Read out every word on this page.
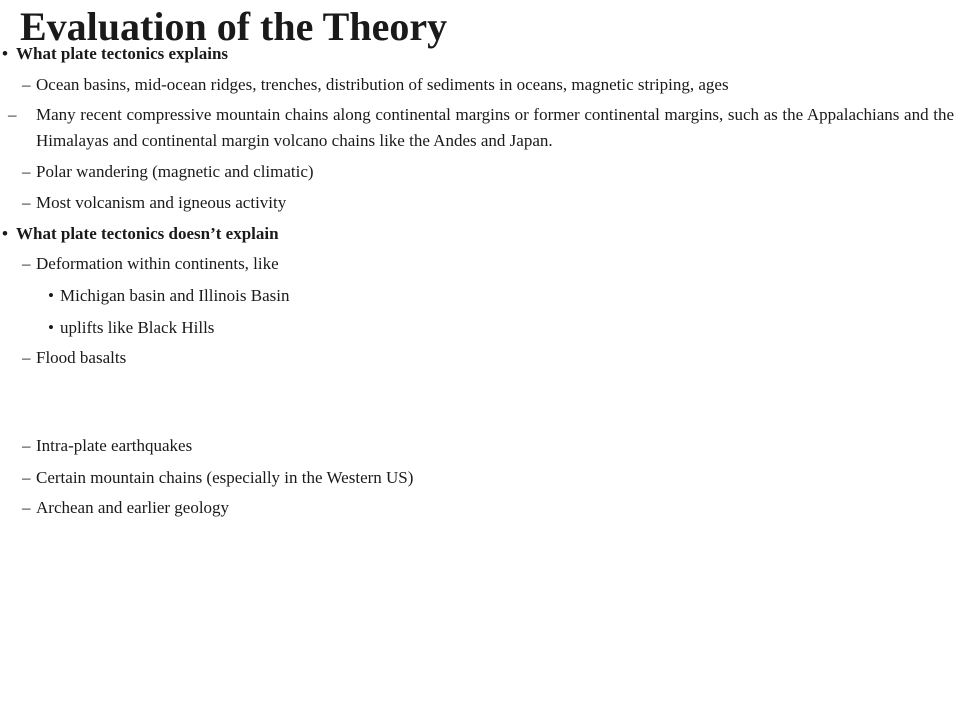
Evaluation of the Theory
• What plate tectonics explains
– Ocean basins, mid-ocean ridges, trenches, distribution of sediments in oceans, magnetic striping, ages
– Many recent compressive mountain chains along continental margins or former continental margins, such as the Appalachians and the Himalayas and continental margin volcano chains like the Andes and Japan.
– Polar wandering (magnetic and climatic)
– Most volcanism and igneous activity
• What plate tectonics doesn’t explain
– Deformation within continents, like
• Michigan basin and Illinois Basin
• uplifts like Black Hills
– Flood basalts
– Intra-plate earthquakes
– Certain mountain chains (especially in the Western US)
– Archean and earlier geology
